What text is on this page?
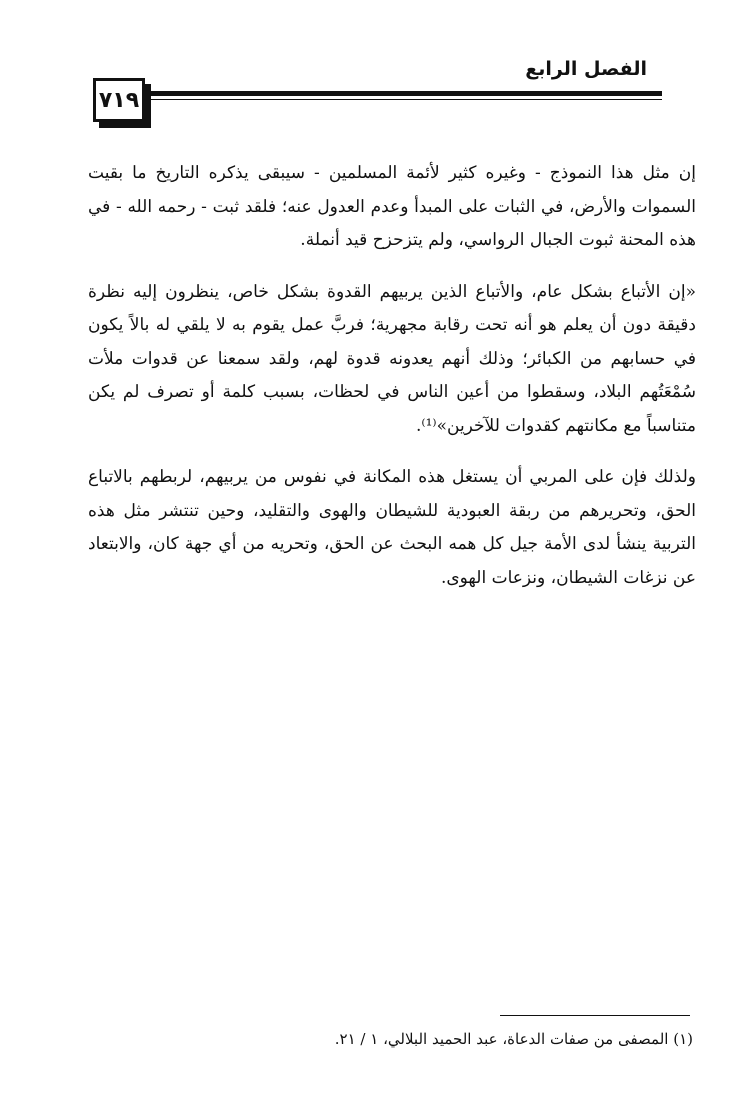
٧١٩
الفصل الرابع

إن مثل هذا النموذج - وغيره كثير لأئمة المسلمين - سيبقى يذكره التاريخ ما بقيت السموات والأرض، في الثبات على المبدأ وعدم العدول عنه؛ فلقد ثبت - رحمه الله - في هذه المحنة ثبوت الجبال الرواسي، ولم يتزحزح قيد أنملة.

«إن الأتباع بشكل عام، والأتباع الذين يربيهم القدوة بشكل خاص، ينظرون إليه نظرة دقيقة دون أن يعلم هو أنه تحت رقابة مجهرية؛ فربَّ عمل يقوم به لا يلقي له بالاً يكون في حسابهم من الكبائر؛ وذلك أنهم يعدونه قدوة لهم، ولقد سمعنا عن قدوات ملأت سُمْعَتُهم البلاد، وسقطوا من أعين الناس في لحظات، بسبب كلمة أو تصرف لم يكن متناسباً مع مكانتهم كقدوات للآخرين»⁽¹⁾.

ولذلك فإن على المربي أن يستغل هذه المكانة في نفوس من يربيهم، لربطهم بالاتباع الحق، وتحريرهم من ربقة العبودية للشيطان والهوى والتقليد، وحين تنتشر مثل هذه التربية ينشأ لدى الأمة جيل كل همه البحث عن الحق، وتحريه من أي جهة كان، والابتعاد عن نزغات الشيطان، ونزعات الهوى.

(١) المصفى من صفات الدعاة، عبد الحميد البلالي، ١ / ٢١.
